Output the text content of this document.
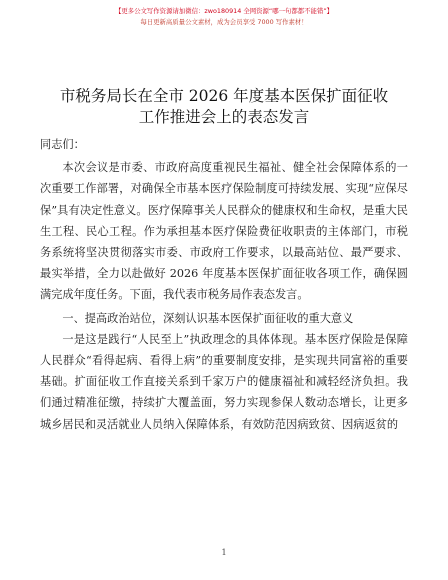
【更多公文写作资源请加微信：zwo180914 全网资源“哪一句都都不能错”】
每日更新高质量公文素材，成为会员享受 7000 写作素材！
市税务局长在全市 2026 年度基本医保扩面征收
工作推进会上的表态发言

同志们：

本次会议是市委、市政府高度重视民生福祉、健全社会保障体系的一次重要工作部署，对确保全市基本医疗保险制度可持续发展、实现“应保尽保”具有决定性意义。医疗保障事关人民群众的健康权和生命权，是重大民生工程、民心工程。作为承担基本医疗保险费征收职责的主体部门，市税务系统将坚决贯彻落实市委、市政府工作要求，以最高站位、最严要求、最实举措，全力以赴做好 2026 年度基本医保扩面征收各项工作，确保圆满完成年度任务。下面，我代表市税务局作表态发言。

一、提高政治站位，深刻认识基本医保扩面征收的重大意义

一是这是践行“人民至上”执政理念的具体体现。基本医疗保险是保障人民群众“看得起病、看得上病”的重要制度安排，是实现共同富裕的重要基础。扩面征收工作直接关系到千家万户的健康福祉和减轻经济负担。我们通过精准征缴，持续扩大覆盖面，努力实现参保人数动态增长，让更多城乡居民和灵活就业人员纳入保障体系，有效防范因病致贫、因病返贫的

1
